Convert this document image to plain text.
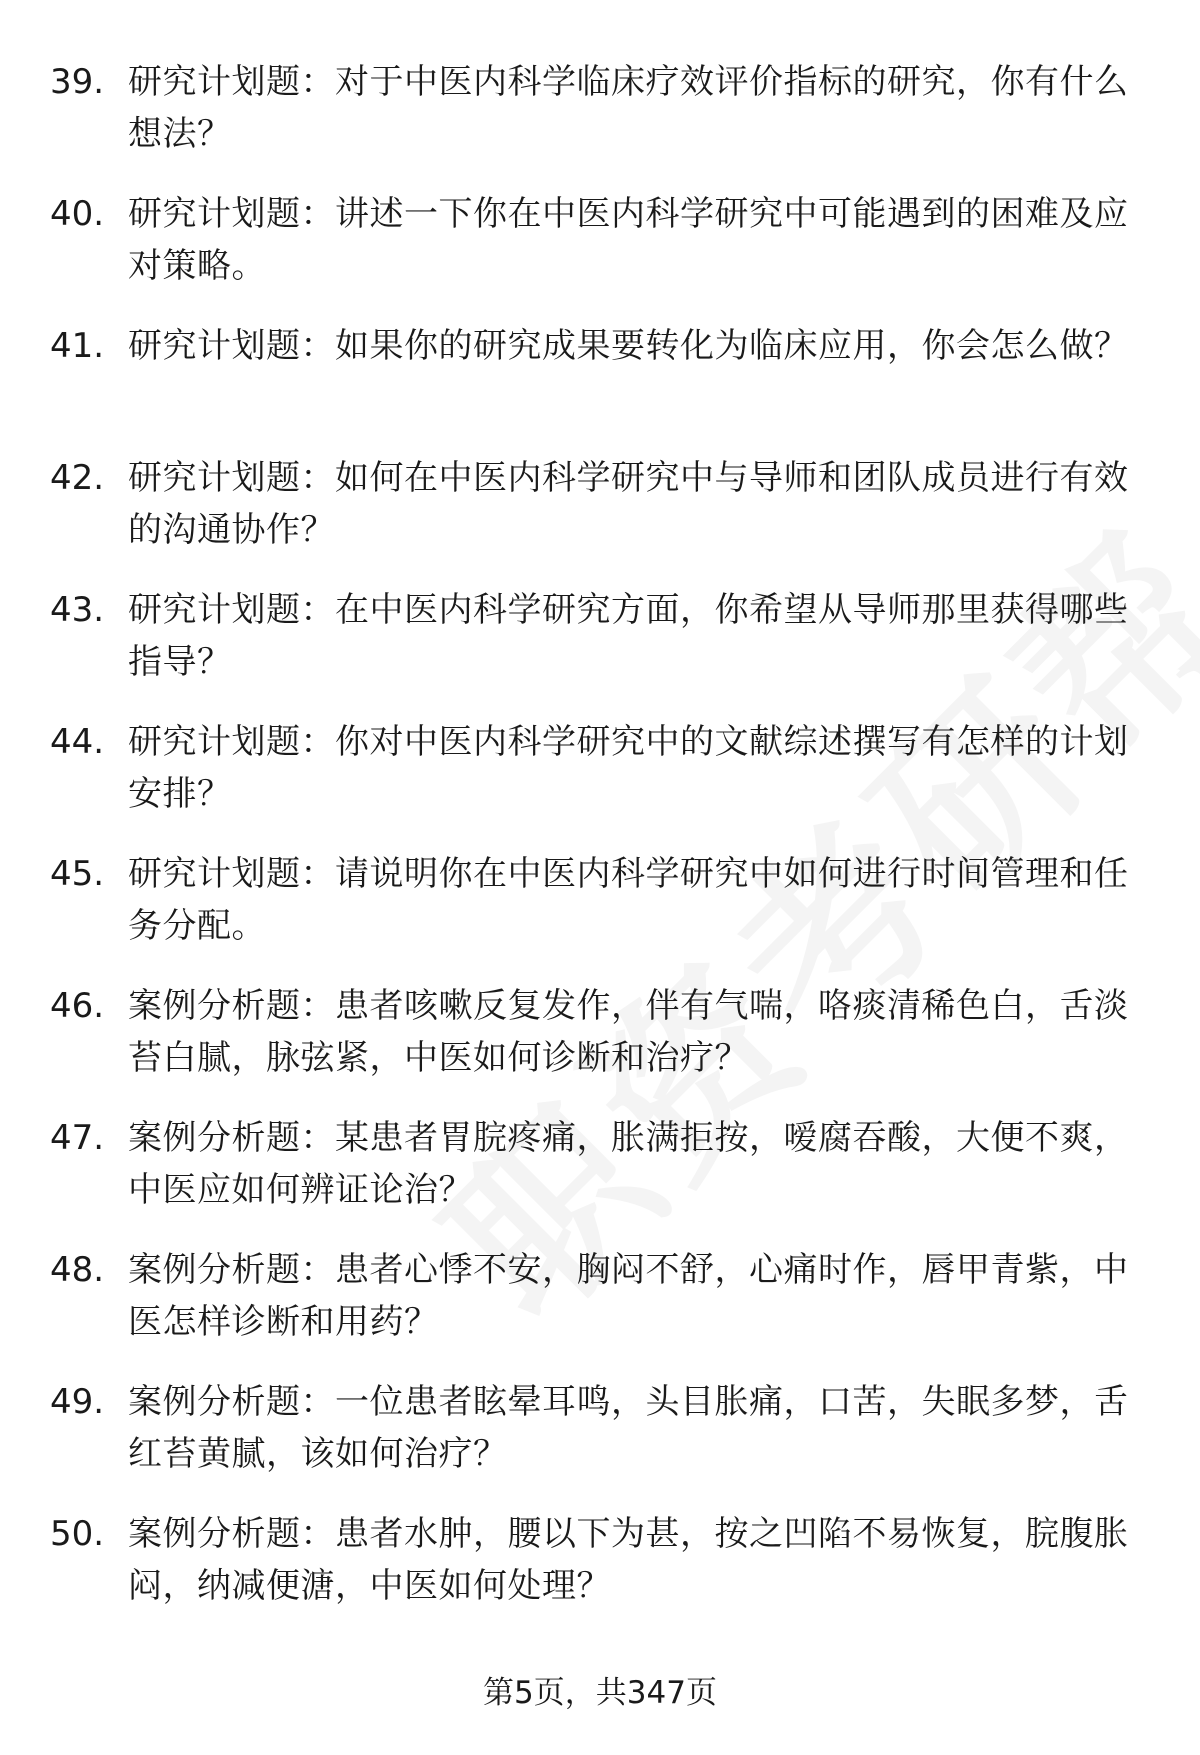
39. 研究计划题：对于中医内科学临床疗效评价指标的研究，你有什么想法？
40. 研究计划题：讲述一下你在中医内科学研究中可能遇到的困难及应对策略。
41. 研究计划题：如果你的研究成果要转化为临床应用，你会怎么做？
42. 研究计划题：如何在中医内科学研究中与导师和团队成员进行有效的沟通协作？
43. 研究计划题：在中医内科学研究方面，你希望从导师那里获得哪些指导？
44. 研究计划题：你对中医内科学研究中的文献综述撰写有怎样的计划安排？
45. 研究计划题：请说明你在中医内科学研究中如何进行时间管理和任务分配。
46. 案例分析题：患者咳嗽反复发作，伴有气喘，咯痰清稀色白，舌淡苔白腻，脉弦紧，中医如何诊断和治疗？
47. 案例分析题：某患者胃脘疼痛，胀满拒按，嗳腐吞酸，大便不爽，中医应如何辨证论治？
48. 案例分析题：患者心悸不安，胸闷不舒，心痛时作，唇甲青紫，中医怎样诊断和用药？
49. 案例分析题：一位患者眩晕耳鸣，头目胀痛，口苦，失眠多梦，舌红苔黄腻，该如何治疗？
50. 案例分析题：患者水肿，腰以下为甚，按之凹陷不易恢复，脘腹胀闷，纳减便溏，中医如何处理？
第5页，共347页
